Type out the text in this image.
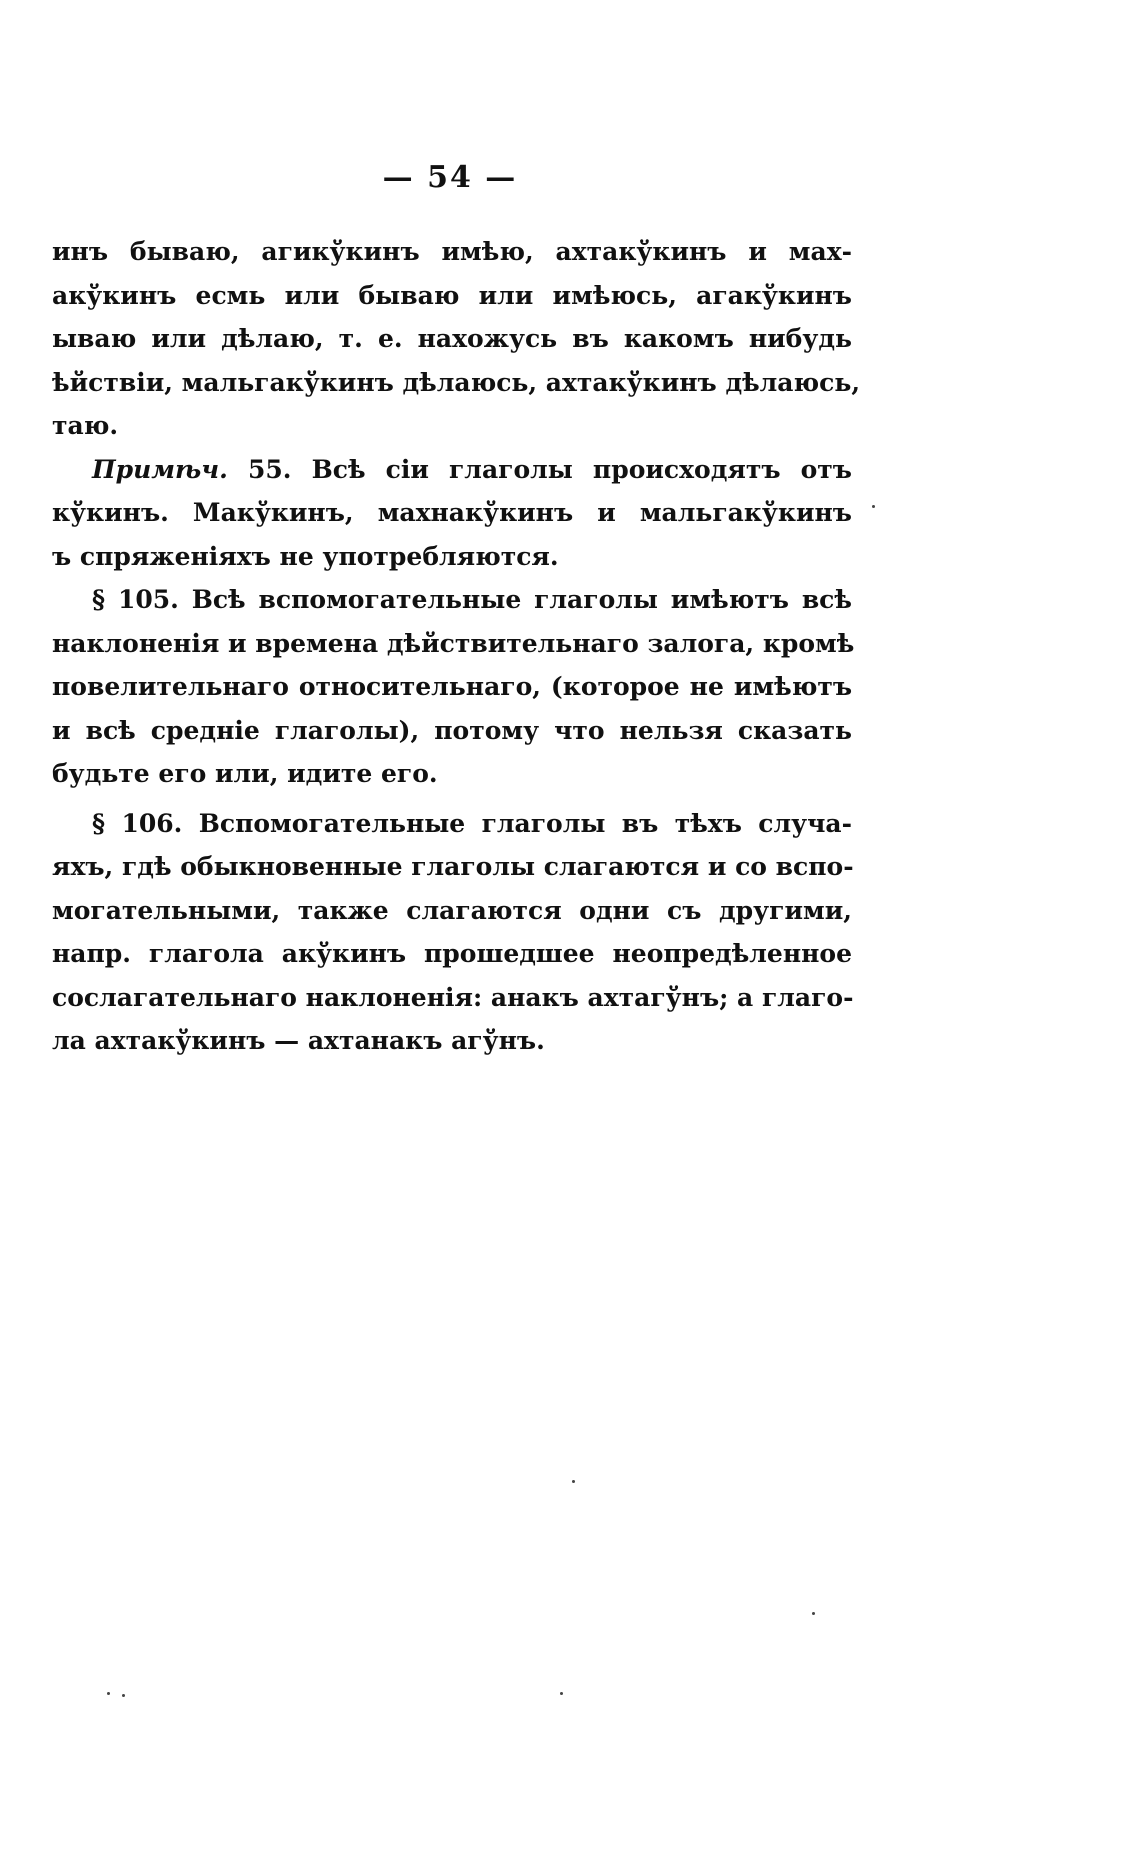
— 54 —
инъ бываю, агикўкинъ имѣю, ахтакўкинъ и мах-
акўкинъ есмь или бываю или имѣюсь, агакўкинъ
ываю или дѣлаю, т. е. нахожусь въ какомъ нибудь
ѣйствіи, мальгакўкинъ дѣлаюсь, ахтакўкинъ дѣлаюсь,
таю.
Примѣч. 55. Всѣ сіи глаголы происходятъ отъ
кўкинъ. Макўкинъ, махнакўкинъ и мальгакўкинъ
ъ спряженіяхъ не употребляются.
§ 105. Всѣ вспомогательные глаголы имѣютъ всѣ
наклоненія и времена дѣйствительнаго залога, кромѣ
повелительнаго относительнаго, (которое не имѣютъ
и всѣ средніе глаголы), потому что нельзя сказать
будьте его или, идите его.
§ 106. Вспомогательные глаголы въ тѣхъ случа-
яхъ, гдѣ обыкновенные глаголы слагаются и со вспо-
могательными, также слагаются одни съ другими,
напр. глагола акўкинъ прошедшее неопредѣленное
сослагательнаго наклоненія: анакъ ахтагўнъ; а глаго-
ла ахтакўкинъ — ахтанакъ агўнъ.
